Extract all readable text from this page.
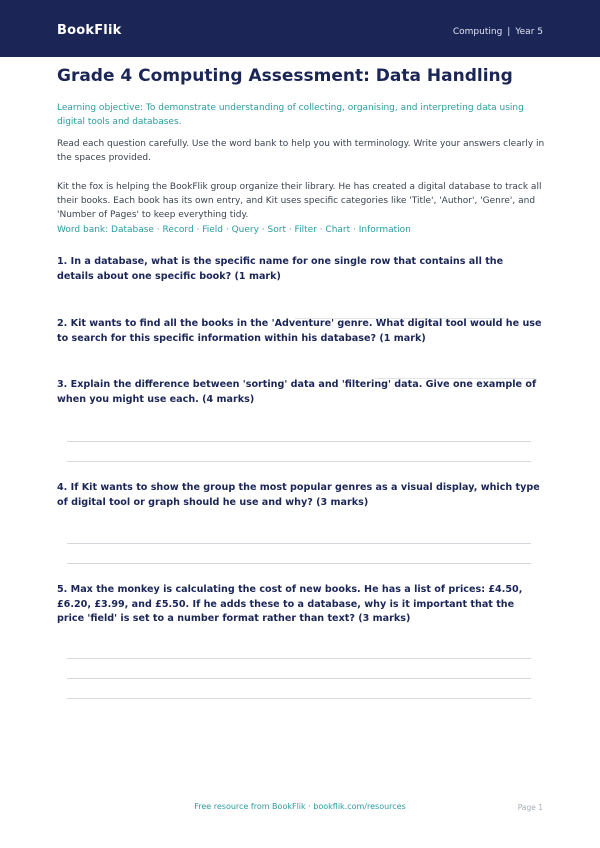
BookFlik	Computing | Year 5
Grade 4 Computing Assessment: Data Handling

Learning objective: To demonstrate understanding of collecting, organising, and interpreting data using digital tools and databases.

Read each question carefully. Use the word bank to help you with terminology. Write your answers clearly in the spaces provided.

Kit the fox is helping the BookFlik group organize their library. He has created a digital database to track all their books. Each book has its own entry, and Kit uses specific categories like 'Title', 'Author', 'Genre', and 'Number of Pages' to keep everything tidy.

Word bank: Database · Record · Field · Query · Sort · Filter · Chart · Information

1. In a database, what is the specific name for one single row that contains all the details about one specific book? (1 mark)

2. Kit wants to find all the books in the 'Adventure' genre. What digital tool would he use to search for this specific information within his database? (1 mark)

3. Explain the difference between 'sorting' data and 'filtering' data. Give one example of when you might use each. (4 marks)

4. If Kit wants to show the group the most popular genres as a visual display, which type of digital tool or graph should he use and why? (3 marks)

5. Max the monkey is calculating the cost of new books. He has a list of prices: £4.50, £6.20, £3.99, and £5.50. If he adds these to a database, why is it important that the price 'field' is set to a number format rather than text? (3 marks)

Free resource from BookFlik · bookflik.com/resources	Page 1
